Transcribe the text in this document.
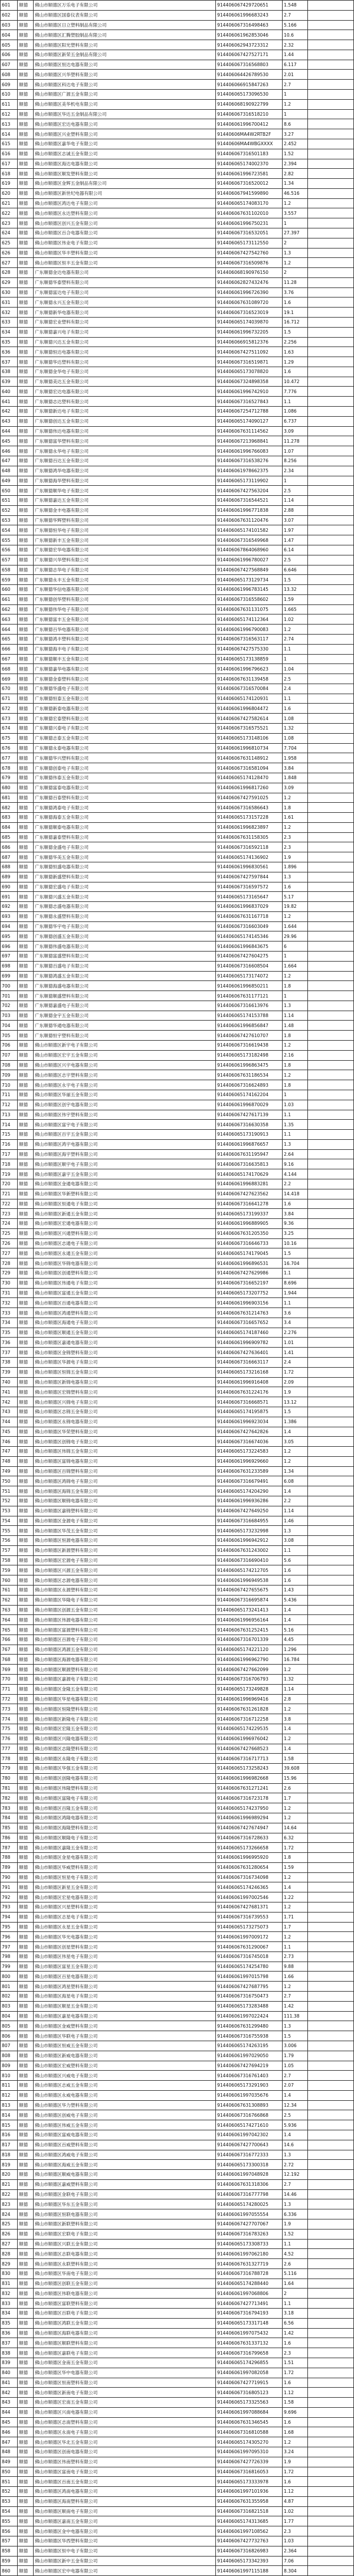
601	顺德	佛山市顺德区万乐电子有限公司	914406067429720651	1.548	
602	顺德	佛山市顺德区国泰仪表有限公司	914406061996683243	2.7	
603	顺德	佛山市顺德区日立塑料制品有限公司	914406067316498463	5.166	
604	顺德	佛山市顺德区汇腾塑胶制品有限公司	914406061962853046	10.6	
605	顺德	佛山市顺德区阳光塑料有限公司	914406062943723312	2.32	
606	顺德	佛山市顺德区新荣五金制品有限公司	914406067427527171	1.44	
607	顺德	佛山市顺德区恒达电器有限公司	914406067316568803	6.117	
608	顺德	佛山市顺德区兴华塑料有限公司	914406064426789530	2.01	
609	顺德	佛山市顺德区科达电子有限公司	914406066915847263	2.7	
610	顺德	佛山市顺德区广源五金有限公司	914406065173096530	1	
611	顺德	佛山市顺德区美华机电有限公司	914406068190922799	1.2	
612	顺德	佛山市顺德区华达五金制品有限公司	914406067316518210	1	
613	顺德	佛山市顺德区宏达电器有限公司	914406061996700412	8.6	
614	顺德	佛山市顺德区兴业塑料有限公司	91440606MA4W2RTB2F	3.27	
615	顺德	佛山市顺德区嘉华电子有限公司	91440606MA4WBGXXXX	2.452	
616	顺德	佛山市顺德区志诚五金有限公司	914406067316501183	1.52	
617	顺德	佛山市顺德区海达电器有限公司	914406065174002370	2.394	
618	顺德	佛山市顺德区顺发塑料有限公司	914406061996723581	2.82	
619	顺德	佛山市顺德区金辉五金制品有限公司	914406067316520012	1.34	
620	顺德	佛山市顺德区新世纪电器有限公司	914406067941599890	46.516	
621	顺德	佛山市顺德区鸿达电子有限公司	914406065174083170	1.2	
622	顺德	佛山市顺德区永达塑料有限公司	914406067631102010	3.557	
623	顺德	佛山市顺德区创兴五金有限公司	914406061996750231	1	
624	顺德	佛山市顺德区百合电器有限公司	914406067316532051	27.397	
625	顺德	佛山市顺德区伟业电子有限公司	914406065173112550	2	
626	顺德	佛山市顺德区华丰塑料有限公司	914406067427542760	1.3	
627	顺德	佛山市顺德区恒丰五金有限公司	914406067316509876	1.2	
628	顺德	广东顺德金达电器有限公司	914406068190976150	2	
629	顺德	广东顺德华泰塑料有限公司	914406062827432476	11.28	
630	顺德	广东顺德富达电子有限公司	914406061996726390	3.76	
631	顺德	广东顺德永兴五金有限公司	914406067631089720	1.6	
632	顺德	广东顺德新华电器有限公司	914406067316523019	19.1	
633	顺德	广东顺德宏业塑料有限公司	914406065174039870	16.712	
634	顺德	广东顺德嘉兴电子有限公司	914406061996732205	1.5	
635	顺德	广东顺德兴达五金有限公司	914406066915812376	2.256	
636	顺德	广东顺德恒达电器有限公司	914406067427511092	1.63	
637	顺德	广东顺德华达塑料有限公司	914406067316519871	1.29	
638	顺德	广东顺德金华电子有限公司	914406065173078820	1.6	
639	顺德	广东顺德美达五金有限公司	914406067324898358	10.472	
640	顺德	广东顺德宏达电器有限公司	914406061996742910	7.776	
641	顺德	广东顺德志达塑料有限公司	914406067316527843	1.1	
642	顺德	广东顺德新达电子有限公司	914406067254712788	1.086	
643	顺德	广东顺德创达五金有限公司	914406065174090127	6.737	
644	顺德	广东顺德伟达电器有限公司	914406067631114562	3.09	
645	顺德	广东顺德富华塑料有限公司	914406067213968841	11.278	
646	顺德	广东顺德永华电子有限公司	914406061996766083	1.07	
647	顺德	广东顺德百达五金有限公司	914406067316538276	8.256	
648	顺德	广东顺德鸿华电器有限公司	914406061978662375	2.34	
649	顺德	广东顺德海华塑料有限公司	914406065173119902	1	
650	顺德	广东顺德顺华电子有限公司	914406067427563204	2.5	
651	顺德	广东顺德嘉达五金有限公司	914406067316544521	1.14	
652	顺德	广东顺德金丰电器有限公司	914406061996771838	2.88	
653	顺德	广东顺德华辉塑料有限公司	914406067631120476	3.07	
654	顺德	广东顺德恒华电子有限公司	914406065174101582	1.97	
655	顺德	广东顺德新丰五金有限公司	914406067316549968	1.47	
656	顺德	广东顺德宏华电器有限公司	914406067864068960	6.14	
657	顺德	广东顺德兴华塑料有限公司	914406061996780027	2.5	
658	顺德	广东顺德志华电子有限公司	914406067427568849	6.646	
659	顺德	广东顺德永丰五金有限公司	914406065173129734	1.5	
660	顺德	广东顺德华信电器有限公司	914406061996783145	13.32	
661	顺德	广东顺德创华塑料有限公司	914406067316558602	1.59	
662	顺德	广东顺德伟华电子有限公司	914406067631131075	1.665	
663	顺德	广东顺德富丰五金有限公司	914406065174112364	1.02	
664	顺德	广东顺德百华电器有限公司	914406061996790083	1.2	
665	顺德	广东顺德鸿丰塑料有限公司	914406067316563117	2.74	
666	顺德	广东顺德海丰电子有限公司	914406067427575330	1.1	
667	顺德	广东顺德顺丰五金有限公司	914406065173138859	1	
668	顺德	广东顺德嘉华电器有限公司	914406061996796623	1.04	
669	顺德	广东顺德金泰塑料有限公司	914406067631139458	2.5	
670	顺德	广东顺德华盛电子有限公司	914406067316570084	2.4	
671	顺德	广东顺德恒泰五金有限公司	914406065174120931	1.1	
672	顺德	广东顺德新泰电器有限公司	914406061996804472	1.6	
673	顺德	广东顺德宏泰塑料有限公司	914406067427582614	1.08	
674	顺德	广东顺德兴泰电子有限公司	914406067316575521	1.32	
675	顺德	广东顺德志泰五金有限公司	914406065173148106	1.08	
676	顺德	广东顺德永泰电器有限公司	914406061996810734	7.704	
677	顺德	广东顺德华兴塑料有限公司	914406067631148912	1.958	
678	顺德	广东顺德创泰电子有限公司	914406067316581094	3.84	
679	顺德	广东顺德伟泰五金有限公司	914406065174128470	1.848	
680	顺德	广东顺德富泰电器有限公司	914406061996817260	3.09	
681	顺德	广东顺德百泰塑料有限公司	914406067427591025	1.2	
682	顺德	广东顺德鸿泰电子有限公司	914406067316586643	1.8	
683	顺德	广东顺德海泰五金有限公司	914406065173157228	1.61	
684	顺德	广东顺德顺泰电器有限公司	914406061996823897	1.2	
685	顺德	广东顺德嘉泰塑料有限公司	914406067631158305	2.3	
686	顺德	广东顺德金盛电子有限公司	914406067316592118	2.3	
687	顺德	广东顺德华美五金有限公司	914406065174136902	1.9	
688	顺德	广东顺德恒盛电器有限公司	914406061996830561	1.896	
689	顺德	广东顺德新盛塑料有限公司	914406067427597844	1.3	
690	顺德	广东顺德宏盛电子有限公司	914406067316597572	1.6	
691	顺德	广东顺德兴盛五金有限公司	914406065173165647	5.17	
692	顺德	广东顺德志盛电器有限公司	914406061996837029	19.82	
693	顺德	广东顺德永盛塑料有限公司	914406067631167718	1.2	
694	顺德	广东顺德华宇电子有限公司	914406067316603049	1.644	
695	顺德	广东顺德创盛五金有限公司	914406065174145346	29.96	
696	顺德	广东顺德伟盛电器有限公司	914406061996843675	6	
697	顺德	广东顺德富盛塑料有限公司	914406067427604275	1	
698	顺德	广东顺德百盛电子有限公司	914406067316608504	1.664	
699	顺德	广东顺德鸿盛五金有限公司	914406065173174072	1.2	
700	顺德	广东顺德海盛电器有限公司	914406061996850211	1.8	
701	顺德	广东顺德顺盛塑料有限公司	914406067631177121	1	
702	顺德	广东顺德嘉盛电子有限公司	914406067316613976	1.3	
703	顺德	广东顺德金宇五金有限公司	914406065174153788	1.14	
704	顺德	广东顺德华通电器有限公司	914406061996856847	1.48	
705	顺德	广东顺德恒宇塑料有限公司	914406067427610707	1.8	
706	顺德	佛山市顺德区新宇电子有限公司	914406067316619438	1.2	
707	顺德	佛山市顺德区宏宇五金有限公司	914406065173182498	2.16	
708	顺德	佛山市顺德区兴宇电器有限公司	914406061996863475	1.8	
709	顺德	佛山市顺德区志宇塑料有限公司	914406067631186534	1.2	
710	顺德	佛山市顺德区永宇电子有限公司	914406067316624893	1.8	
711	顺德	佛山市顺德区华丽五金有限公司	914406065174162204	1	
712	顺德	佛山市顺德区创宇电器有限公司	914406061996870029	1.03	
713	顺德	佛山市顺德区伟宇塑料有限公司	914406067427617139	1.1	
714	顺德	佛山市顺德区富宇电子有限公司	914406067316630358	1.35	
715	顺德	佛山市顺德区百宇五金有限公司	914406065173190913	1.1	
716	顺德	佛山市顺德区鸿宇电器有限公司	914406061996876657	1.3	
717	顺德	佛山市顺德区海宇塑料有限公司	914406067631195947	2.64	
718	顺德	佛山市顺德区顺宇电子有限公司	914406067316635813	9.16	
719	顺德	佛山市顺德区嘉宇五金有限公司	914406065174170629	4.144	
720	顺德	佛山市顺德区金通电器有限公司	914406061996883281	2.2	
721	顺德	佛山市顺德区华新塑料有限公司	914406067427623562	14.418	
722	顺德	佛山市顺德区恒通电子有限公司	914406067316641278	1.6	
723	顺德	佛山市顺德区新通五金有限公司	914406065173199337	3.84	
724	顺德	佛山市顺德区宏通电器有限公司	914406061996889905	9.36	
725	顺德	佛山市顺德区兴通塑料有限公司	914406067631205350	3.25	
726	顺德	佛山市顺德区志通电子有限公司	914406067316646733	10.16	
727	顺德	佛山市顺德区永通五金有限公司	914406065174179045	1.5	
728	顺德	佛山市顺德区华锦电器有限公司	914406061996896531	16.704	
729	顺德	佛山市顺德区创通塑料有限公司	914406067427629986	1.1	
730	顺德	佛山市顺德区伟通电子有限公司	914406067316652197	8.696	
731	顺德	佛山市顺德区富通五金有限公司	914406065173207752	1.944	
732	顺德	佛山市顺德区百通电器有限公司	914406061996903156	1.1	
733	顺德	佛山市顺德区鸿通塑料有限公司	914406067631214763	3.6	
734	顺德	佛山市顺德区海通电子有限公司	914406067316657652	3.4	
735	顺德	佛山市顺德区顺通五金有限公司	914406065174187460	2.276	
736	顺德	佛山市顺德区嘉通电器有限公司	914406061996909782	1.01	
737	顺德	佛山市顺德区金锦塑料有限公司	914406067427636401	1.41	
738	顺德	佛山市顺德区华源电子有限公司	914406067316663117	2.4	
739	顺德	佛山市顺德区恒锦五金有限公司	914406065173216168	1.72	
740	顺德	佛山市顺德区新锦电器有限公司	914406061996916408	2.09	
741	顺德	佛山市顺德区宏锦塑料有限公司	914406067631224176	1.9	
742	顺德	佛山市顺德区兴锦电子有限公司	914406067316668571	13.12	
743	顺德	佛山市顺德区志锦五金有限公司	914406065174195875	1.5	
744	顺德	佛山市顺德区永锦电器有限公司	914406061996923034	1.386	
745	顺德	佛山市顺德区华荣塑料有限公司	914406067427642826	1.4	
746	顺德	佛山市顺德区创锦电子有限公司	914406067316674036	3.05	
747	顺德	佛山市顺德区伟锦五金有限公司	914406065173224583	1.2	
748	顺德	佛山市顺德区富锦电器有限公司	914406061996929660	1.2	
749	顺德	佛山市顺德区百锦塑料有限公司	914406067631233589	1.34	
750	顺德	佛山市顺德区鸿锦电子有限公司	914406067316679491	6.08	
751	顺德	佛山市顺德区海锦五金有限公司	914406065174204290	1.4	
752	顺德	佛山市顺德区顺锦电器有限公司	914406061996936286	2.2	
753	顺德	佛山市顺德区嘉锦塑料有限公司	914406067427649250	1.14	
754	顺德	佛山市顺德区金源电子有限公司	914406067316684955	1.46	
755	顺德	佛山市顺德区华茂五金有限公司	914406065173232998	1.3	
756	顺德	佛山市顺德区恒源电器有限公司	914406061996942912	3.08	
757	顺德	佛山市顺德区新源塑料有限公司	914406067631243002	1.1	
758	顺德	佛山市顺德区宏源电子有限公司	914406067316690410	5.6	
759	顺德	佛山市顺德区兴源五金有限公司	914406065174212705	1.6	
760	顺德	佛山市顺德区志源电器有限公司	914406061996949538	1.6	
761	顺德	佛山市顺德区永源塑料有限公司	914406067427655675	1.43	
762	顺德	佛山市顺德区华隆电子有限公司	914406067316695874	5.436	
763	顺德	佛山市顺德区创源五金有限公司	914406065173241413	1.4	
764	顺德	佛山市顺德区伟源电器有限公司	914406061996956164	1.4	
765	顺德	佛山市顺德区富源塑料有限公司	914406067631252415	5.16	
766	顺德	佛山市顺德区百源电子有限公司	914406067316701339	4.45	
767	顺德	佛山市顺德区鸿源五金有限公司	914406065174221120	1.296	
768	顺德	佛山市顺德区海源电器有限公司	914406061996962790	16.784	
769	顺德	佛山市顺德区顺源塑料有限公司	914406067427662099	1.2	
770	顺德	佛山市顺德区嘉源电子有限公司	914406067316706793	1.32	
771	顺德	佛山市顺德区金隆五金有限公司	914406065173249828	1.14	
772	顺德	佛山市顺德区华星电器有限公司	914406061996969416	2.8	
773	顺德	佛山市顺德区恒隆塑料有限公司	914406067631261828	1.2	
774	顺德	佛山市顺德区新隆电子有限公司	914406067316712258	3.8	
775	顺德	佛山市顺德区宏隆五金有限公司	914406065174229535	1.4	
776	顺德	佛山市顺德区兴隆电器有限公司	914406061996976042	1.2	
777	顺德	佛山市顺德区志隆塑料有限公司	914406067427668523	1.4	
778	顺德	佛山市顺德区永隆电子有限公司	914406067316717713	1.58	
779	顺德	佛山市顺德区华强五金有限公司	914406065173258243	39.608	
780	顺德	佛山市顺德区创隆电器有限公司	914406061996982668	15.96	
781	顺德	佛山市顺德区伟隆塑料有限公司	914406067631271241	2.6	
782	顺德	佛山市顺德区富隆电子有限公司	914406067316723178	1.7	
783	顺德	佛山市顺德区百隆五金有限公司	914406065174237950	1.2	
784	顺德	佛山市顺德区鸿隆电器有限公司	914406061996989294	1.2	
785	顺德	佛山市顺德区海隆塑料有限公司	914406067427674947	14.64	
786	顺德	佛山市顺德区顺隆电子有限公司	914406067316728633	6.32	
787	顺德	佛山市顺德区嘉隆五金有限公司	914406065173266658	1.72	
788	顺德	佛山市顺德区金星电器有限公司	914406061996995920	1.8	
789	顺德	佛山市顺德区华威塑料有限公司	914406067631280654	1.59	
790	顺德	佛山市顺德区恒星电子有限公司	914406067316734098	1.2	
791	顺德	佛山市顺德区新星五金有限公司	914406065174246365	1.4	
792	顺德	佛山市顺德区宏星电器有限公司	914406061997002546	1.22	
793	顺德	佛山市顺德区兴星塑料有限公司	914406067427681371	1.2	
794	顺德	佛山市顺德区志星电子有限公司	914406067316739553	1.71	
795	顺德	佛山市顺德区永星五金有限公司	914406065173275073	1.7	
796	顺德	佛山市顺德区华光电器有限公司	914406061997009172	1.2	
797	顺德	佛山市顺德区创星塑料有限公司	914406067631290067	1.1	
798	顺德	佛山市顺德区伟星电子有限公司	914406067316745018	2.73	
799	顺德	佛山市顺德区富星五金有限公司	914406065174254780	9.88	
800	顺德	佛山市顺德区百星电器有限公司	914406061997015798	1.66	
801	顺德	佛山市顺德区鸿星塑料有限公司	914406067427687795	1.2	
802	顺德	佛山市顺德区海星电子有限公司	914406067316750473	2.7	
803	顺德	佛山市顺德区顺星五金有限公司	914406065173283488	1.42	
804	顺德	佛山市顺德区嘉星电器有限公司	914406061997022424	111.38	
805	顺德	佛山市顺德区金威塑料有限公司	914406067631299480	1.3	
806	顺德	佛山市顺德区华联电子有限公司	914406067316755938	1.5	
807	顺德	佛山市顺德区恒威五金有限公司	914406065174263195	3.006	
808	顺德	佛山市顺德区新威电器有限公司	914406061997029050	1.79	
809	顺德	佛山市顺德区宏威塑料有限公司	914406067427694219	1.05	
810	顺德	佛山市顺德区兴威电子有限公司	914406067316761403	2.7	
811	顺德	佛山市顺德区志威五金有限公司	914406065173291903	2.07	
812	顺德	佛山市顺德区永威电器有限公司	914406061997035676	1.4	
813	顺德	佛山市顺德区华力塑料有限公司	914406067631308893	12.34	
814	顺德	佛山市顺德区创威电子有限公司	914406067316766868	2.5	
815	顺德	佛山市顺德区伟威五金有限公司	914406065174271610	5.936	
816	顺德	佛山市顺德区富威电器有限公司	914406061997042302	1.4	
817	顺德	佛山市顺德区百威塑料有限公司	914406067427700643	14.6	
818	顺德	佛山市顺德区鸿威电子有限公司	914406067316772333	1.3	
819	顺德	佛山市顺德区海威五金有限公司	914406065173300318	2.72	
820	顺德	佛山市顺德区顺威电器有限公司	914406061997048928	12.192	
821	顺德	佛山市顺德区嘉威塑料有限公司	914406067631318306	2.7	
822	顺德	佛山市顺德区金联电子有限公司	914406067316777798	14.46	
823	顺德	佛山市顺德区华东五金有限公司	914406065174280025	1.3	
824	顺德	佛山市顺德区恒联电器有限公司	914406061997055554	6.336	
825	顺德	佛山市顺德区新联塑料有限公司	914406067427707067	1.9	
826	顺德	佛山市顺德区宏联电子有限公司	914406067316783263	1.52	
827	顺德	佛山市顺德区兴联五金有限公司	914406065173308733	1.1	
828	顺德	佛山市顺德区志联电器有限公司	914406061997062180	4.52	
829	顺德	佛山市顺德区永联塑料有限公司	914406067631327719	2.6	
830	顺德	佛山市顺德区华南电子有限公司	914406067316788728	5.116	
831	顺德	佛山市顺德区创联五金有限公司	914406065174288440	1.64	
832	顺德	佛山市顺德区伟联电器有限公司	914406061997068806	2	
833	顺德	佛山市顺德区富联塑料有限公司	914406067427713491	1.1	
834	顺德	佛山市顺德区百联电子有限公司	914406067316794193	3.18	
835	顺德	佛山市顺德区鸿联五金有限公司	914406065173317148	6.56	
836	顺德	佛山市顺德区海联电器有限公司	914406061997075432	1.42	
837	顺德	佛山市顺德区顺联塑料有限公司	914406067631337132	1.6	
838	顺德	佛山市顺德区嘉联电子有限公司	914406067316799658	2.3	
839	顺德	佛山市顺德区金南五金有限公司	914406065174296855	1.51	
840	顺德	佛山市顺德区华中电器有限公司	914406061997082058	1.72	
841	顺德	佛山市顺德区恒南塑料有限公司	914406067427719915	1.6	
842	顺德	佛山市顺德区新南电子有限公司	914406067316805123	1.12	
843	顺德	佛山市顺德区宏南五金有限公司	914406065173325563	1.58	
844	顺德	佛山市顺德区兴南电器有限公司	914406061997088684	9.696	
845	顺德	佛山市顺德区志南塑料有限公司	914406067631346545	1.6	
846	顺德	佛山市顺德区永南电子有限公司	914406067316810588	1.68	
847	顺德	佛山市顺德区华北五金有限公司	914406065174305270	1.2	
848	顺德	佛山市顺德区创南电器有限公司	914406061997095310	3.24	
849	顺德	佛山市顺德区伟南塑料有限公司	914406067427726339	1.9	
850	顺德	佛山市顺德区富南电子有限公司	914406067316816053	1.72	
851	顺德	佛山市顺德区百南五金有限公司	914406065173333978	1.6	
852	顺德	佛山市顺德区鸿南电器有限公司	914406061997101936	1.12	
853	顺德	佛山市顺德区海南塑料有限公司	914406067631355958	4.87	
854	顺德	佛山市顺德区顺南电子有限公司	914406067316821518	1.02	
855	顺德	佛山市顺德区嘉南五金有限公司	914406065174313685	1.77	
856	顺德	佛山市顺德区金中电器有限公司	914406061997108562	2.3	
857	顺德	佛山市顺德区华西塑料有限公司	914406067427732763	1.03	
858	顺德	佛山市顺德区恒中电子有限公司	914406067316826983	2.364	
859	顺德	佛山市顺德区新中五金有限公司	914406065173342393	7.06	
860	顺德	佛山市顺德区宏中电器有限公司	914406061997115188	8.304	
